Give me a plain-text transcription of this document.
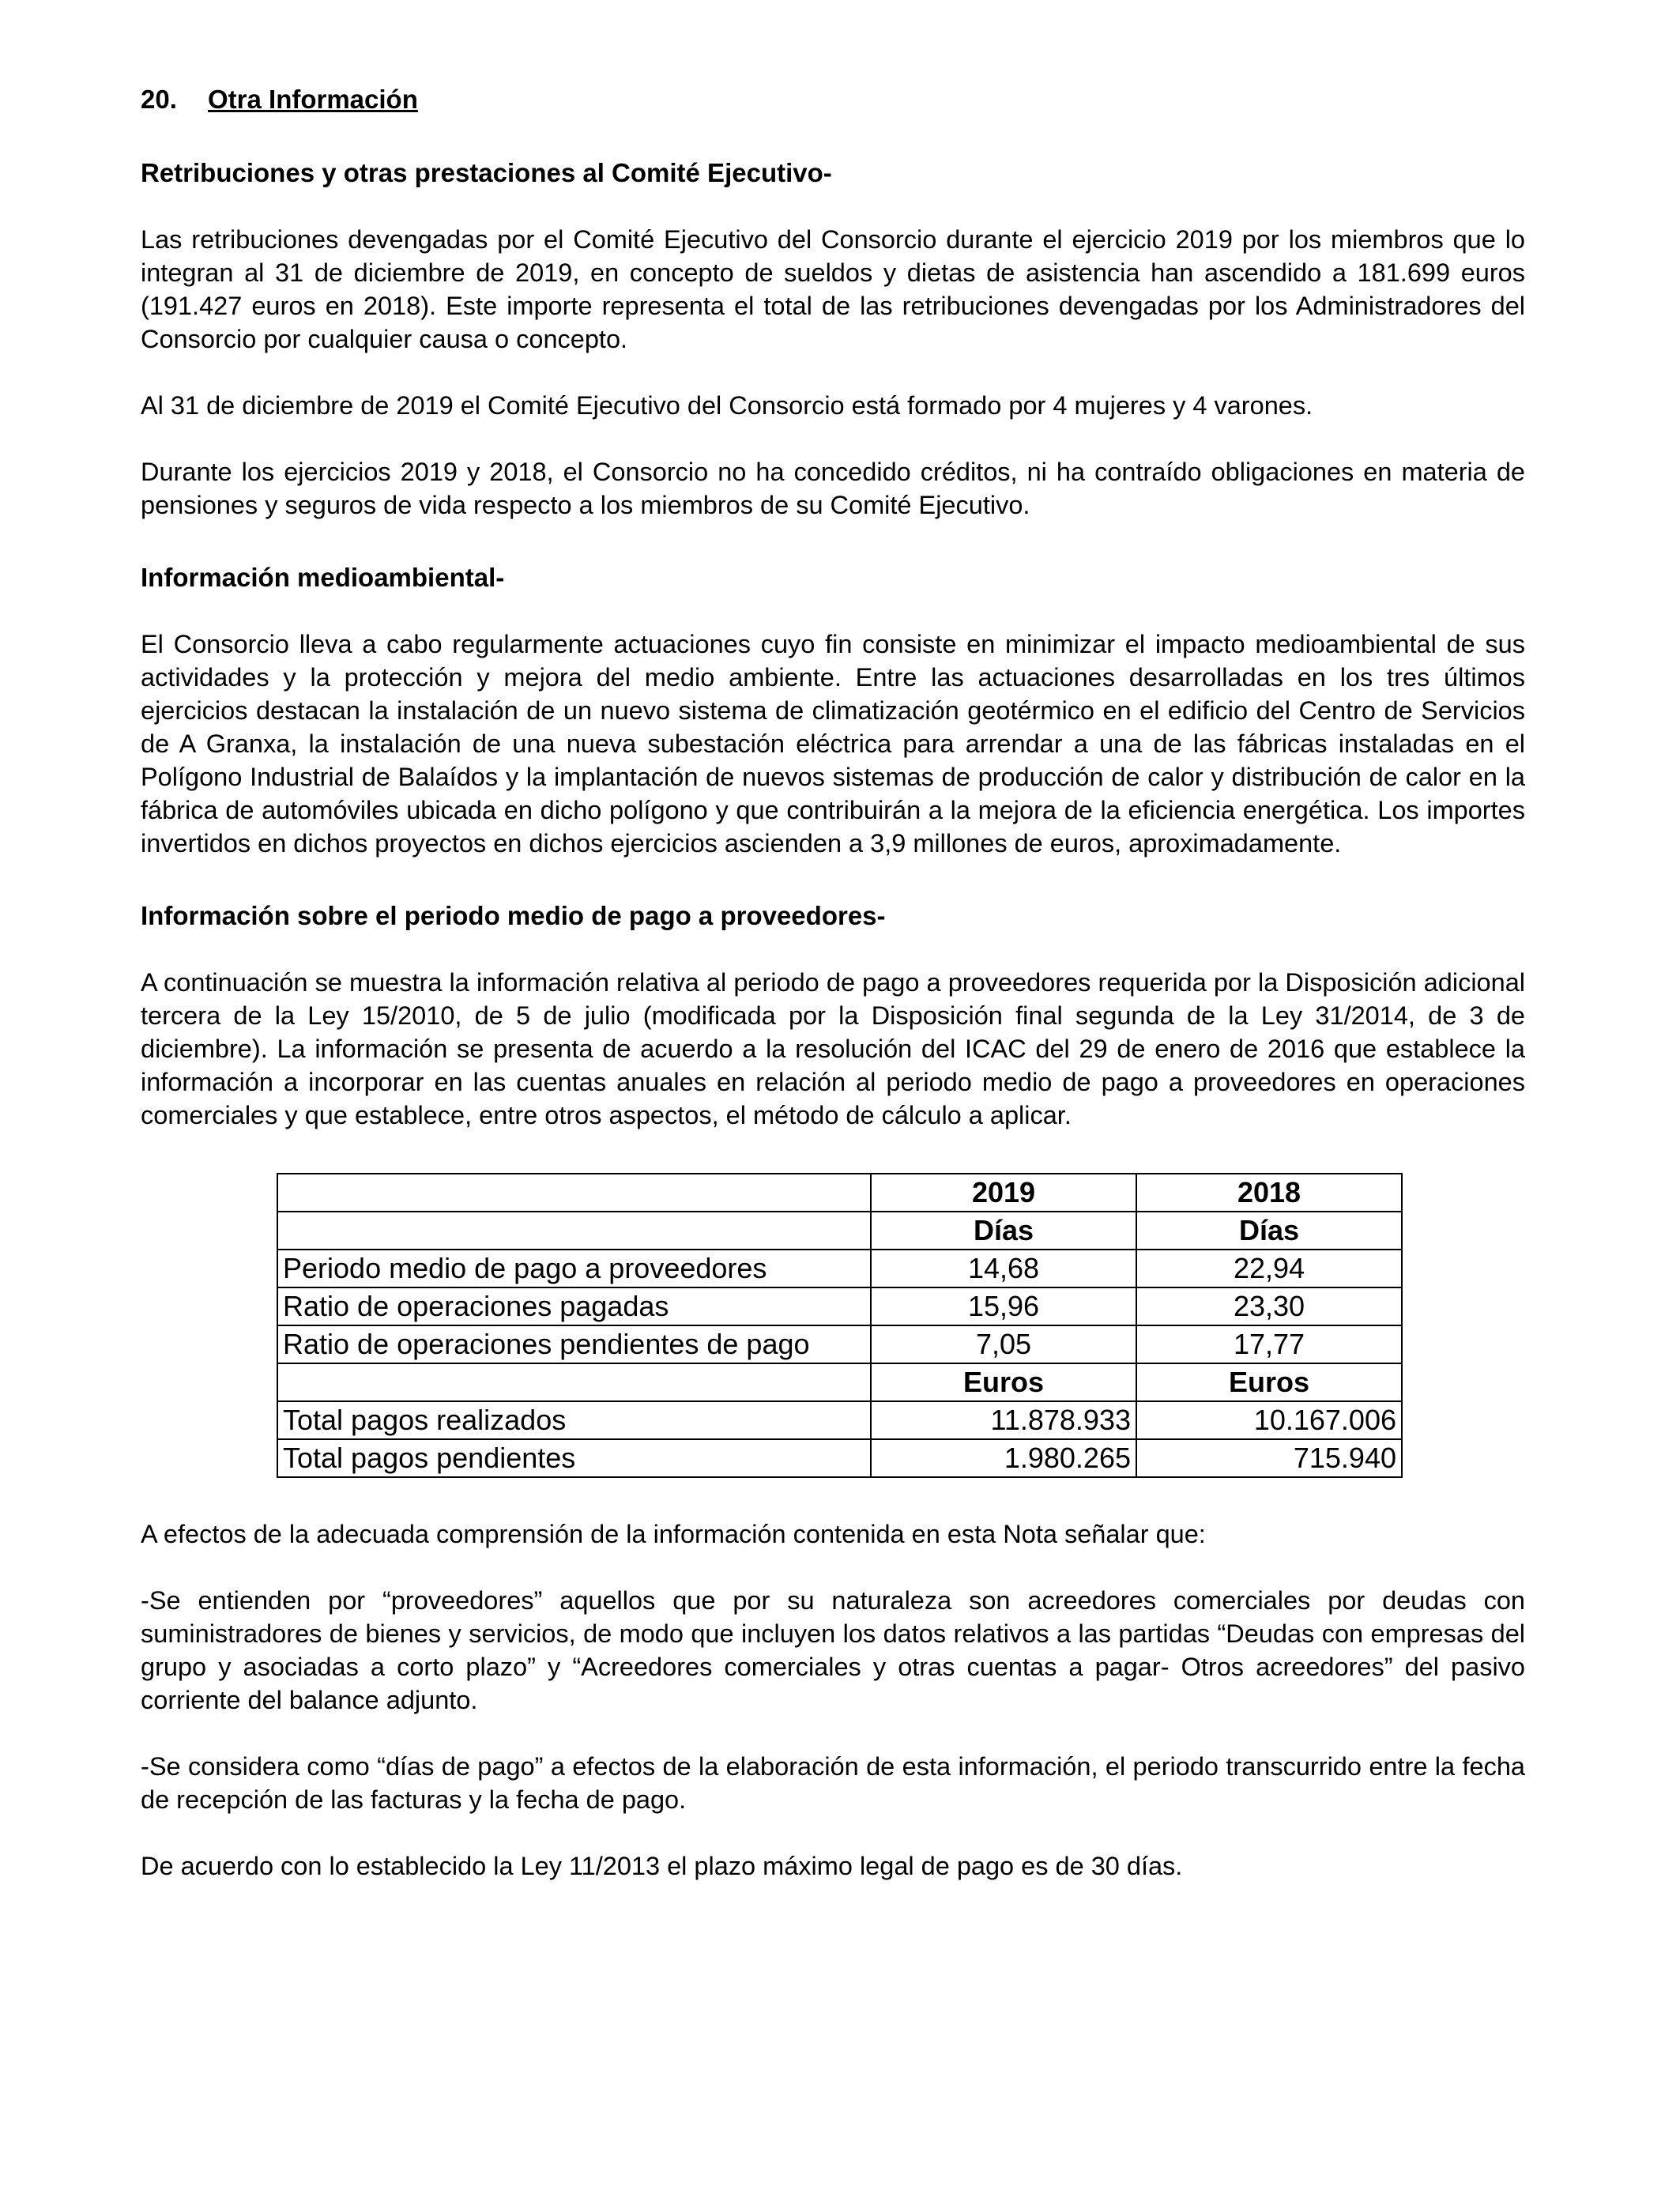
20. Otra Información
Retribuciones y otras prestaciones al Comité Ejecutivo-

Las retribuciones devengadas por el Comité Ejecutivo del Consorcio durante el ejercicio 2019 por los miembros que lo integran al 31 de diciembre de 2019, en concepto de sueldos y dietas de asistencia han ascendido a 181.699 euros (191.427 euros en 2018). Este importe representa el total de las retribuciones devengadas por los Administradores del Consorcio por cualquier causa o concepto.

Al 31 de diciembre de 2019 el Comité Ejecutivo del Consorcio está formado por 4 mujeres y 4 varones.

Durante los ejercicios 2019 y 2018, el Consorcio no ha concedido créditos, ni ha contraído obligaciones en materia de pensiones y seguros de vida respecto a los miembros de su Comité Ejecutivo.

Información medioambiental-

El Consorcio lleva a cabo regularmente actuaciones cuyo fin consiste en minimizar el impacto medioambiental de sus actividades y la protección y mejora del medio ambiente. Entre las actuaciones desarrolladas en los tres últimos ejercicios destacan la instalación de un nuevo sistema de climatización geotérmico en el edificio del Centro de Servicios de A Granxa, la instalación de una nueva subestación eléctrica para arrendar a una de las fábricas instaladas en el Polígono Industrial de Balaídos y la implantación de nuevos sistemas de producción de calor y distribución de calor en la fábrica de automóviles ubicada en dicho polígono y que contribuirán a la mejora de la eficiencia energética. Los importes invertidos en dichos proyectos en dichos ejercicios ascienden a 3,9 millones de euros, aproximadamente.

Información sobre el periodo medio de pago a proveedores-

A continuación se muestra la información relativa al periodo de pago a proveedores requerida por la Disposición adicional tercera de la Ley 15/2010, de 5 de julio (modificada por la Disposición final segunda de la Ley 31/2014, de 3 de diciembre). La información se presenta de acuerdo a la resolución del ICAC del 29 de enero de 2016 que establece la información a incorporar en las cuentas anuales en relación al periodo medio de pago a proveedores en operaciones comerciales y que establece, entre otros aspectos, el método de cálculo a aplicar.

	2019	2018
	Días	Días
Periodo medio de pago a proveedores	14,68	22,94
Ratio de operaciones pagadas	15,96	23,30
Ratio de operaciones pendientes de pago	7,05	17,77
	Euros	Euros
Total pagos realizados	11.878.933	10.167.006
Total pagos pendientes	1.980.265	715.940

A efectos de la adecuada comprensión de la información contenida en esta Nota señalar que:

-Se entienden por “proveedores” aquellos que por su naturaleza son acreedores comerciales por deudas con suministradores de bienes y servicios, de modo que incluyen los datos relativos a las partidas “Deudas con empresas del grupo y asociadas a corto plazo” y “Acreedores comerciales y otras cuentas a pagar- Otros acreedores” del pasivo corriente del balance adjunto.

-Se considera como “días de pago” a efectos de la elaboración de esta información, el periodo transcurrido entre la fecha de recepción de las facturas y la fecha de pago.

De acuerdo con lo establecido la Ley 11/2013 el plazo máximo legal de pago es de 30 días.
